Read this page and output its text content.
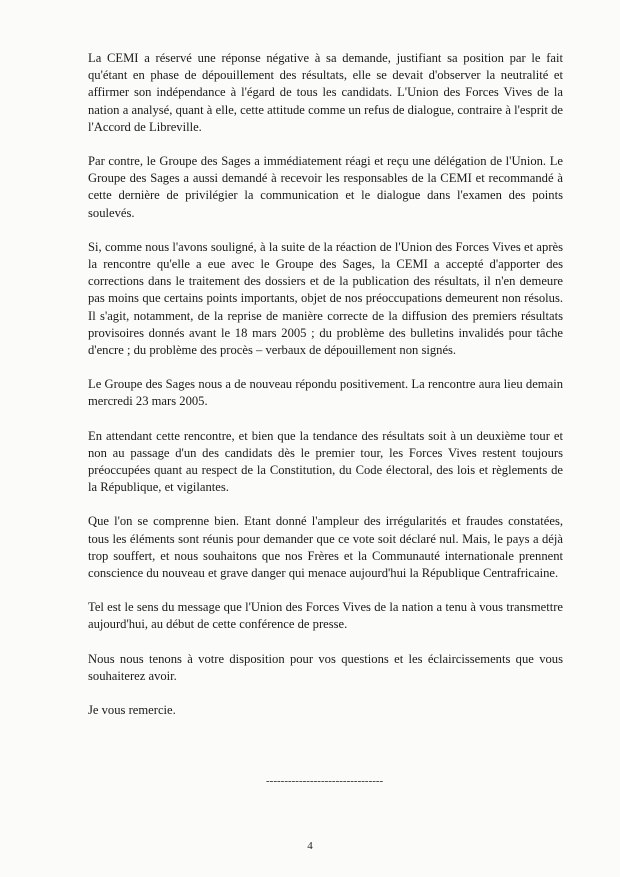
La CEMI a réservé une réponse négative à sa demande, justifiant sa position par le fait qu'étant en phase de dépouillement des résultats, elle se devait d'observer la neutralité et affirmer son indépendance à l'égard de tous les candidats. L'Union des Forces Vives de la nation a analysé, quant à elle, cette attitude comme un refus de dialogue, contraire à l'esprit de l'Accord de Libreville.

Par contre, le Groupe des Sages a immédiatement réagi et reçu une délégation de l'Union. Le Groupe des Sages a aussi demandé à recevoir les responsables de la CEMI et recommandé à cette dernière de privilégier la communication et le dialogue dans l'examen des points soulevés.

Si, comme nous l'avons souligné, à la suite de la réaction de l'Union des Forces Vives et après la rencontre qu'elle a eue avec le Groupe des Sages, la CEMI a accepté d'apporter des corrections dans le traitement des dossiers et de la publication des résultats, il n'en demeure pas moins que certains points importants, objet de nos préoccupations demeurent non résolus. Il s'agit, notamment, de la reprise de manière correcte de la diffusion des premiers résultats provisoires donnés avant le 18 mars 2005 ; du problème des bulletins invalidés pour tâche d'encre ; du problème des procès – verbaux de dépouillement non signés.

Le Groupe des Sages nous a de nouveau répondu positivement. La rencontre aura lieu demain mercredi 23 mars 2005.

En attendant cette rencontre, et bien que la tendance des résultats soit à un deuxième tour et non au passage d'un des candidats dès le premier tour, les Forces Vives restent toujours préoccupées quant au respect de la Constitution, du Code électoral, des lois et règlements de la République, et vigilantes.

Que l'on se comprenne bien. Etant donné l'ampleur des irrégularités et fraudes constatées, tous les éléments sont réunis pour demander que ce vote soit déclaré nul. Mais, le pays a déjà trop souffert, et nous souhaitons que nos Frères et la Communauté internationale prennent conscience du nouveau et grave danger qui menace aujourd'hui la République Centrafricaine.

Tel est le sens du message que l'Union des Forces Vives de la nation a tenu à vous transmettre aujourd'hui, au début de cette conférence de presse.

Nous nous tenons à votre disposition pour vos questions et les éclaircissements que vous souhaiterez avoir.

Je vous remercie.

--------------------------------
4
